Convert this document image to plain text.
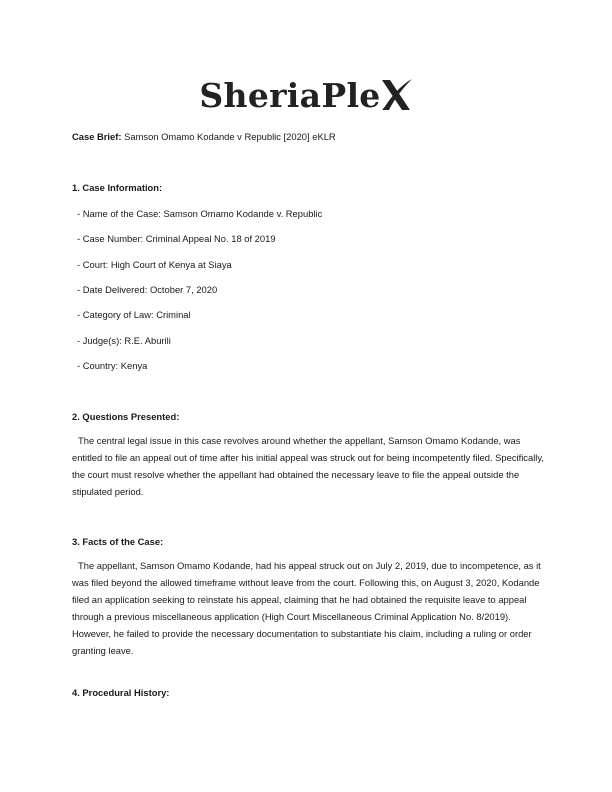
SheriaPle
Case Brief: Samson Omamo Kodande v Republic [2020] eKLR
1. Case Information:
- Name of the Case: Samson Omamo Kodande v. Republic
- Case Number: Criminal Appeal No. 18 of 2019
- Court: High Court of Kenya at Siaya
- Date Delivered: October 7, 2020
- Category of Law: Criminal
- Judge(s): R.E. Aburili
- Country: Kenya
2. Questions Presented:

The central legal issue in this case revolves around whether the appellant, Samson Omamo Kodande, was entitled to file an appeal out of time after his initial appeal was struck out for being incompetently filed. Specifically, the court must resolve whether the appellant had obtained the necessary leave to file the appeal outside the stipulated period.

3. Facts of the Case:

The appellant, Samson Omamo Kodande, had his appeal struck out on July 2, 2019, due to incompetence, as it was filed beyond the allowed timeframe without leave from the court. Following this, on August 3, 2020, Kodande filed an application seeking to reinstate his appeal, claiming that he had obtained the requisite leave to appeal through a previous miscellaneous application (High Court Miscellaneous Criminal Application No. 8/2019). However, he failed to provide the necessary documentation to substantiate his claim, including a ruling or order granting leave.

4. Procedural History:
